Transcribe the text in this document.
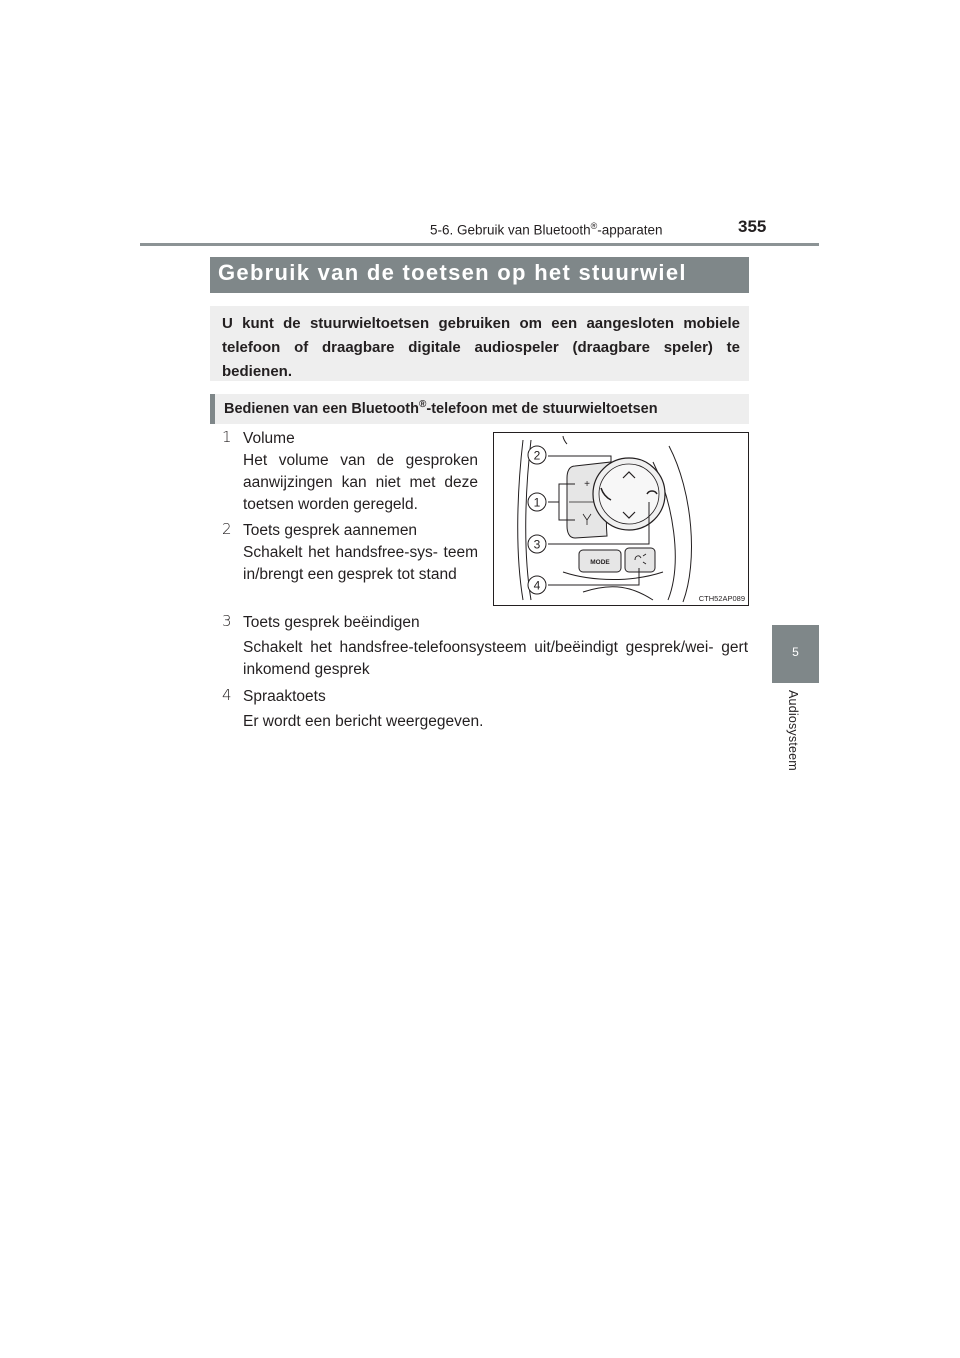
5-6. Gebruik van Bluetooth®-apparaten	355
5
Audiosysteem
Gebruik van de toetsen op het stuurwiel
U kunt de stuurwieltoetsen gebruiken om een aangesloten mobiele telefoon of draagbare digitale audiospeler (draagbare speler) te bedienen.
Bedienen van een Bluetooth®-telefoon met de stuurwieltoetsen
1 Volume
Het volume van de gesproken aanwijzingen kan niet met deze toetsen worden geregeld.
2 Toets gesprek aannemen
Schakelt het handsfree-sys- teem in/brengt een gesprek tot stand
3 Toets gesprek beëindigen
Schakelt het handsfree-telefoonsysteem uit/beëindigt gesprek/wei- gert inkomend gesprek
4 Spraaktoets
Er wordt een bericht weergegeven.
+
MODE
2
1
3
4
CTH52AP089
